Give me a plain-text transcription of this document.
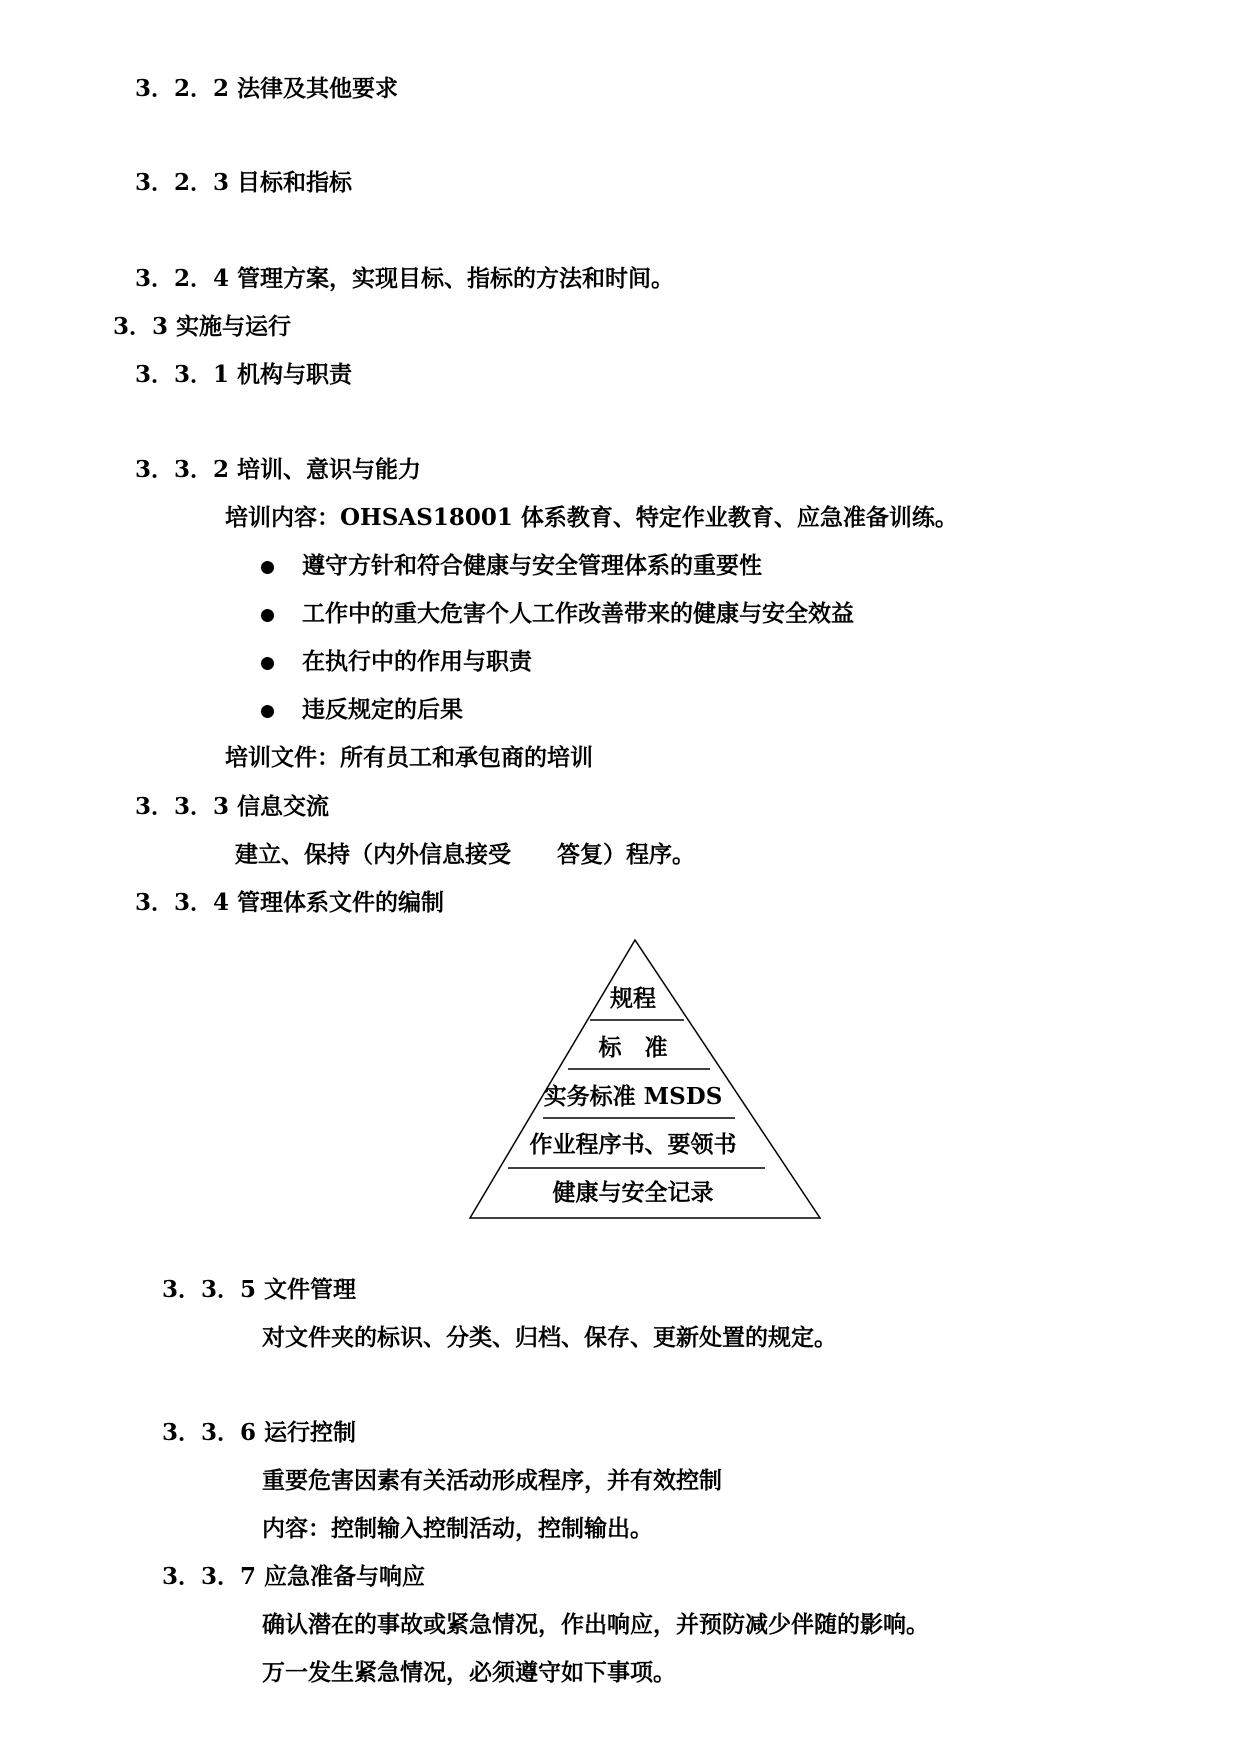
3．2．2 法律及其他要求
3．2．3 目标和指标
3．2．4 管理方案，实现目标、指标的方法和时间。
3．3 实施与运行
3．3．1 机构与职责
3．3．2 培训、意识与能力
培训内容：OHSAS18001 体系教育、特定作业教育、应急准备训练。
遵守方针和符合健康与安全管理体系的重要性
工作中的重大危害个人工作改善带来的健康与安全效益
在执行中的作用与职责
违反规定的后果
培训文件：所有员工和承包商的培训
3．3．3 信息交流
建立、保持（内外信息接受　　答复）程序。
3．3．4 管理体系文件的编制
规程
标　准
实务标准 MSDS
作业程序书、要领书
健康与安全记录
3．3．5 文件管理
对文件夹的标识、分类、归档、保存、更新处置的规定。
3．3．6 运行控制
重要危害因素有关活动形成程序，并有效控制
内容：控制输入控制活动，控制输出。
3．3．7 应急准备与响应
确认潜在的事故或紧急情况，作出响应，并预防减少伴随的影响。
万一发生紧急情况，必须遵守如下事项。
